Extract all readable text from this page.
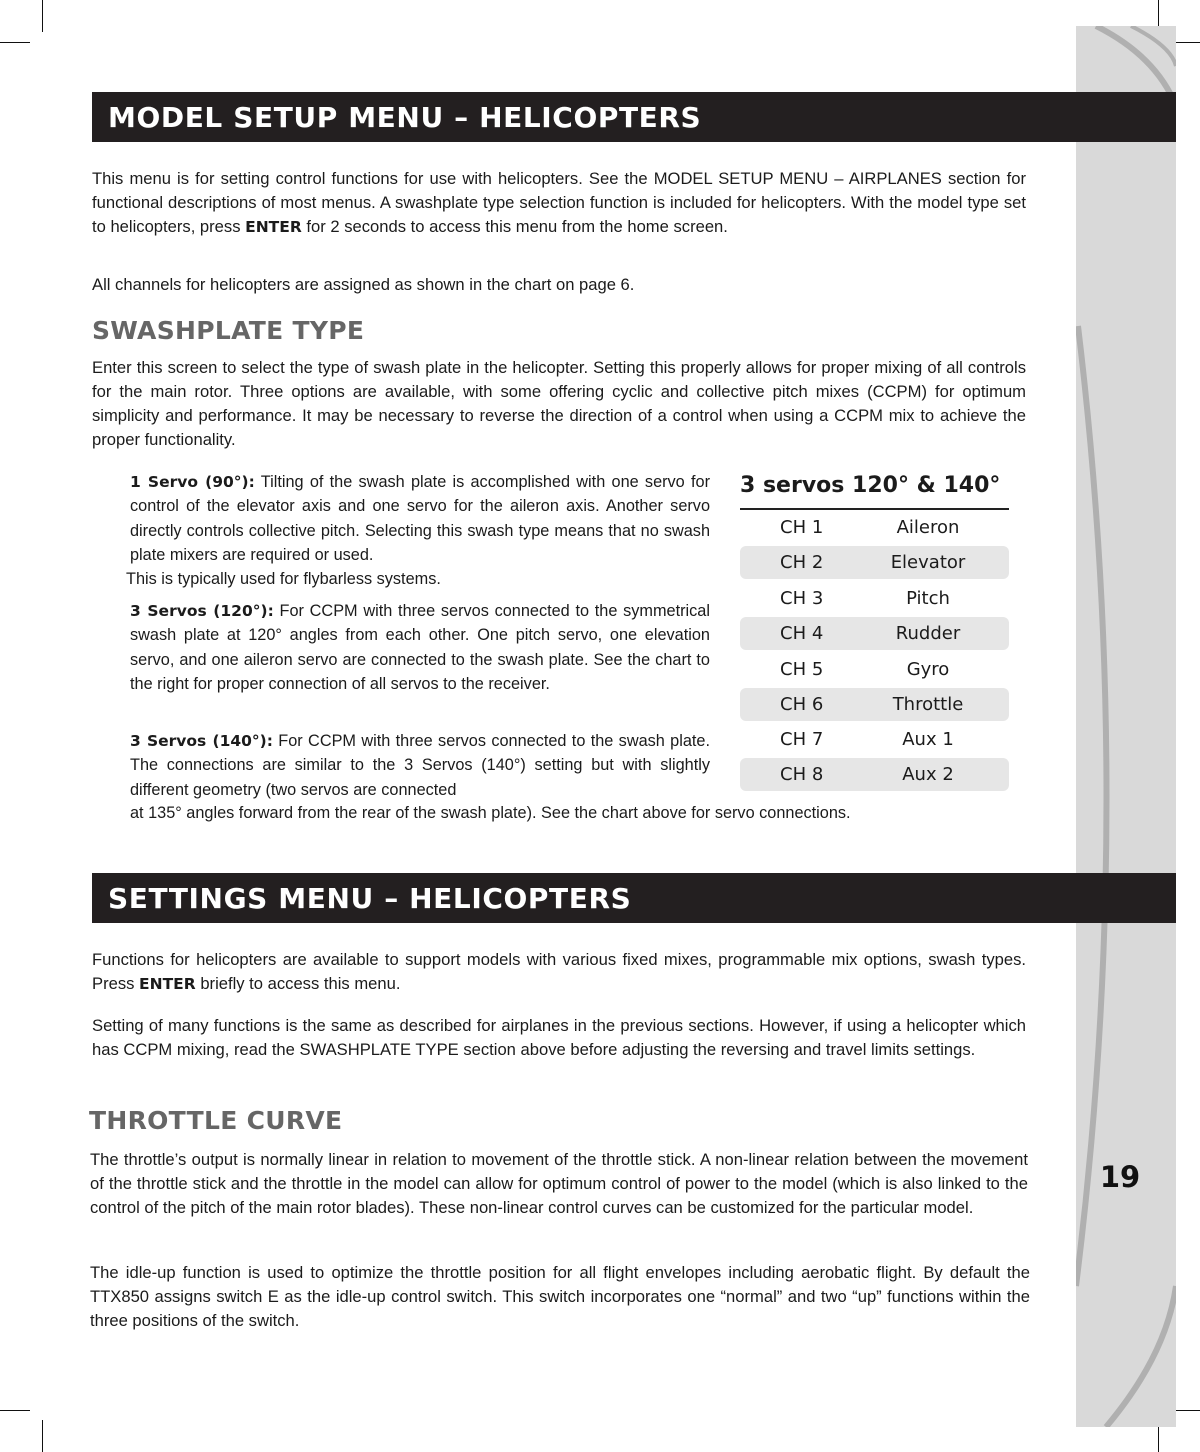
19
MODEL SETUP MENU – HELICOPTERS

This menu is for setting control functions for use with helicopters. See the MODEL SETUP MENU – AIRPLANES section for functional descriptions of most menus. A swashplate type selection function is included for helicopters. With the model type set to helicopters, press ENTER for 2 seconds to access this menu from the home screen.

All channels for helicopters are assigned as shown in the chart on page 6.

SWASHPLATE TYPE

Enter this screen to select the type of swash plate in the helicopter. Setting this properly allows for proper mixing of all controls for the main rotor. Three options are available, with some offering cyclic and collective pitch mixes (CCPM) for optimum simplicity and performance. It may be necessary to reverse the direction of a control when using a CCPM mix to achieve the proper functionality.

1 Servo (90°): Tilting of the swash plate is accomplished with one servo for control of the elevator axis and one servo for the aileron axis. Another servo directly controls collective pitch. Selecting this swash type means that no swash plate mixers are required or used.

This is typically used for flybarless systems.

3 Servos (120°): For CCPM with three servos connected to the symmetrical swash plate at 120° angles from each other. One pitch servo, one elevation servo, and one aileron servo are connected to the swash plate. See the chart to the right for proper connection of all servos to the receiver.

3 Servos (140°): For CCPM with three servos connected to the swash plate. The connections are similar to the 3 Servos (140°) setting but with slightly different geometry (two servos are connected

at 135° angles forward from the rear of the swash plate). See the chart above for servo connections.

3 servos 120° & 140°
CH 1	Aileron
CH 2	Elevator
CH 3	Pitch
CH 4	Rudder
CH 5	Gyro
CH 6	Throttle
CH 7	Aux 1
CH 8	Aux 2
SETTINGS MENU – HELICOPTERS

Functions for helicopters are available to support models with various fixed mixes, programmable mix options, swash types. Press ENTER briefly to access this menu.

Setting of many functions is the same as described for airplanes in the previous sections. However, if using a helicopter which has CCPM mixing, read the SWASHPLATE TYPE section above before adjusting the reversing and travel limits settings.

THROTTLE CURVE

The throttle’s output is normally linear in relation to movement of the throttle stick. A non-linear relation between the movement of the throttle stick and the throttle in the model can allow for optimum control of power to the model (which is also linked to the control of the pitch of the main rotor blades). These non-linear control curves can be customized for the particular model.

The idle-up function is used to optimize the throttle position for all flight envelopes including aerobatic flight. By default the TTX850 assigns switch E as the idle-up control switch. This switch incorporates one “normal” and two “up” functions within the three positions of the switch.
